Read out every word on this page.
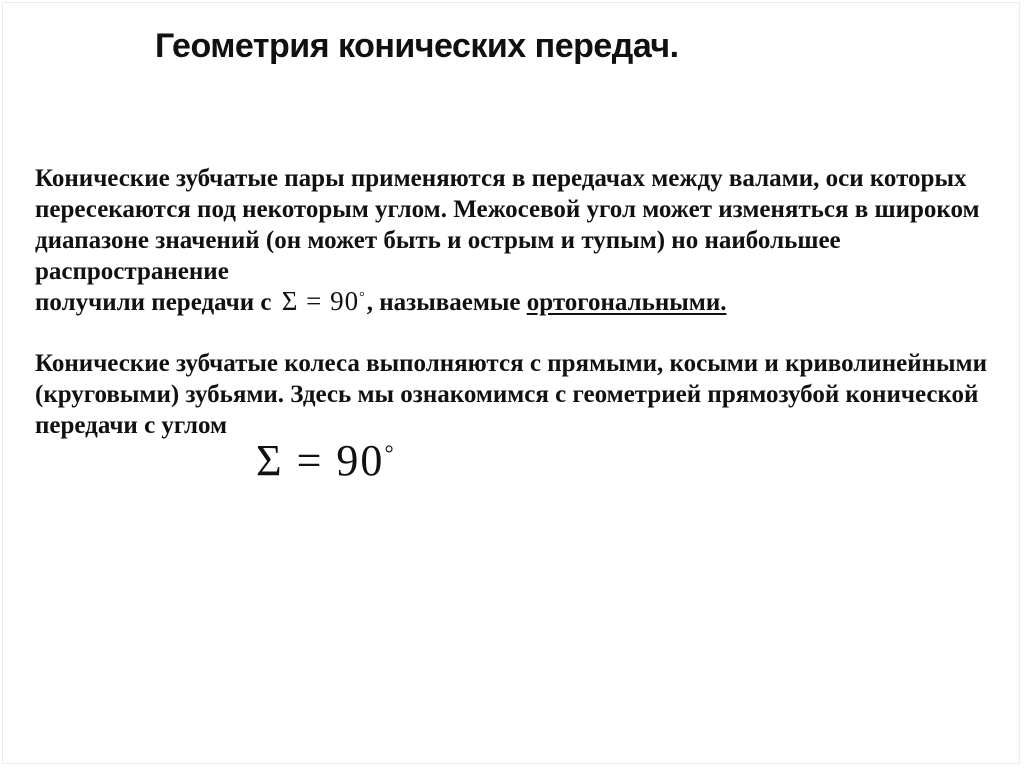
Геометрия конических передач.
Конические зубчатые пары применяются в передачах между валами, оси которых
пересекаются под некоторым углом. Межосевой угол может изменяться в широком
диапазоне значений (он может быть и острым и тупым) но наибольшее
распространение
получили передачи с Σ = 90°, называемые ортогональными.
Конические зубчатые колеса выполняются с прямыми, косыми и криволинейными
(круговыми) зубьями. Здесь мы ознакомимся с геометрией прямозубой конической
передачи с углом
Σ = 90°
